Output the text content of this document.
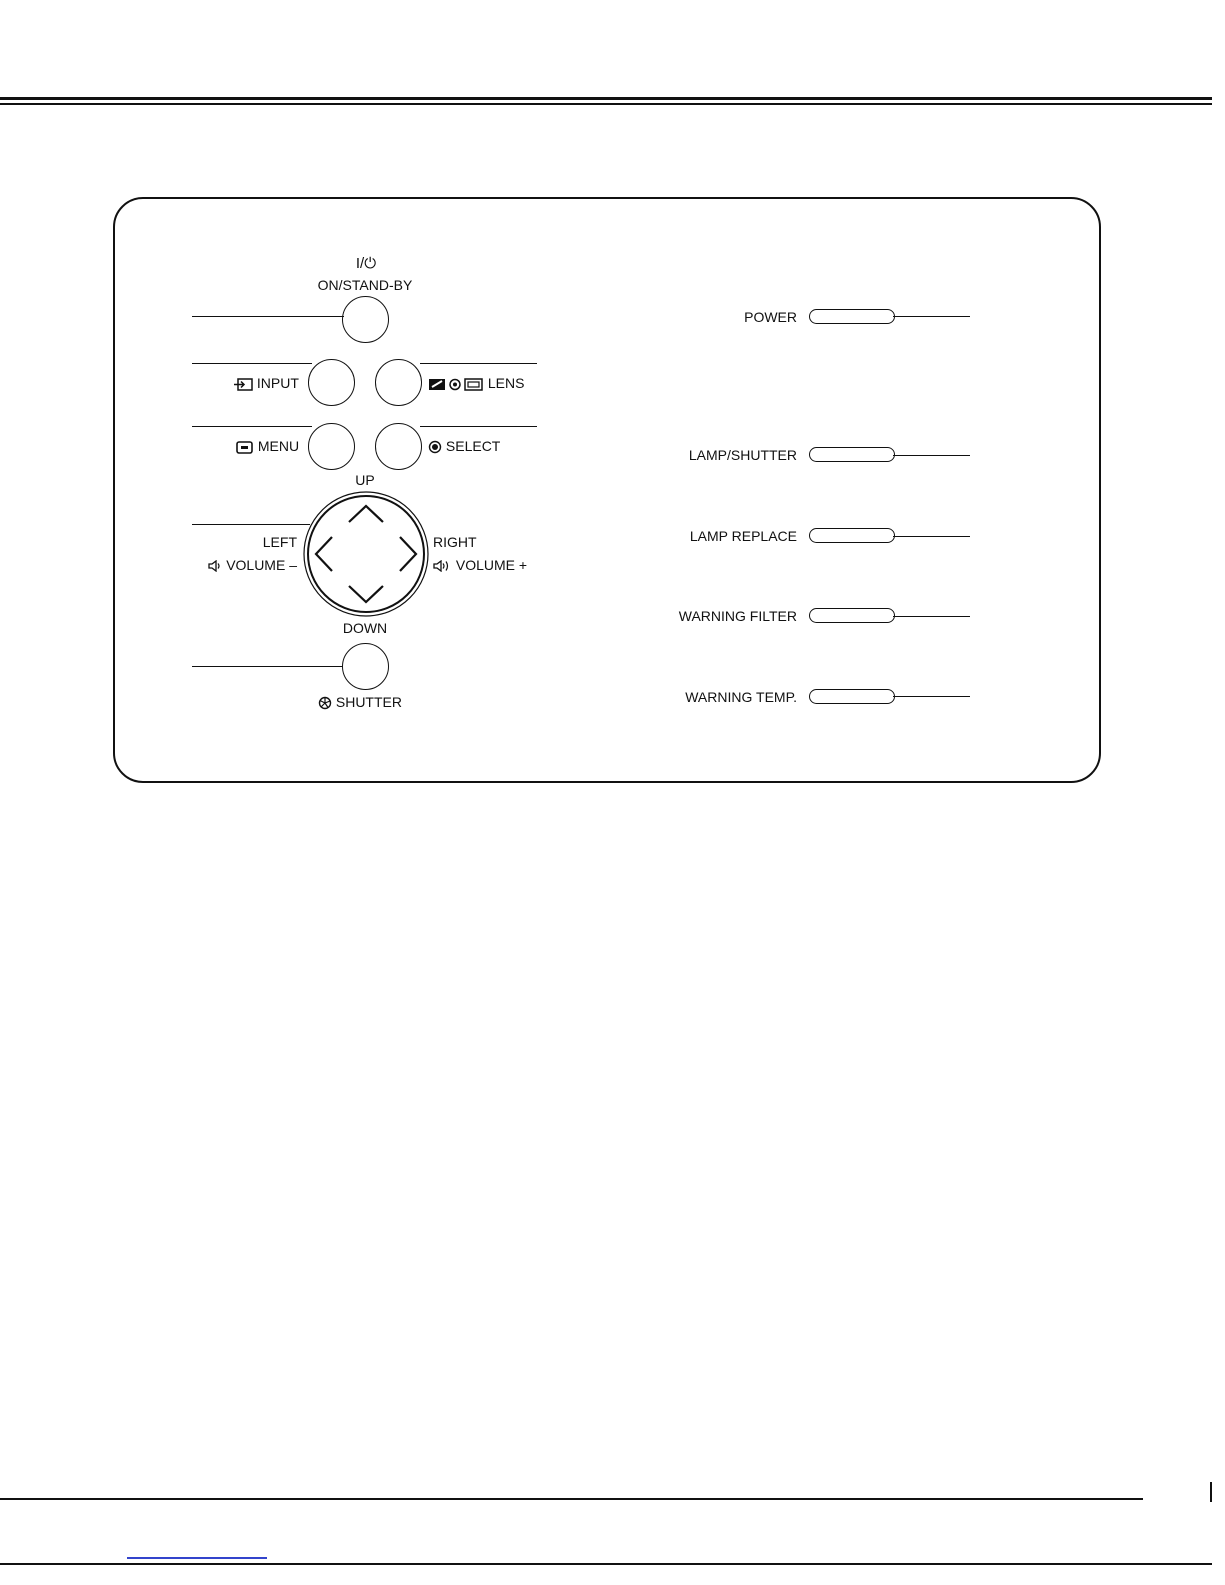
I/⏻
ON/STAND-BY
INPUT	LENS
MENU	SELECT
UP
LEFT
VOLUME –
RIGHT
VOLUME +
DOWN
SHUTTER
POWER
LAMP/SHUTTER
LAMP REPLACE
WARNING FILTER
WARNING TEMP.
